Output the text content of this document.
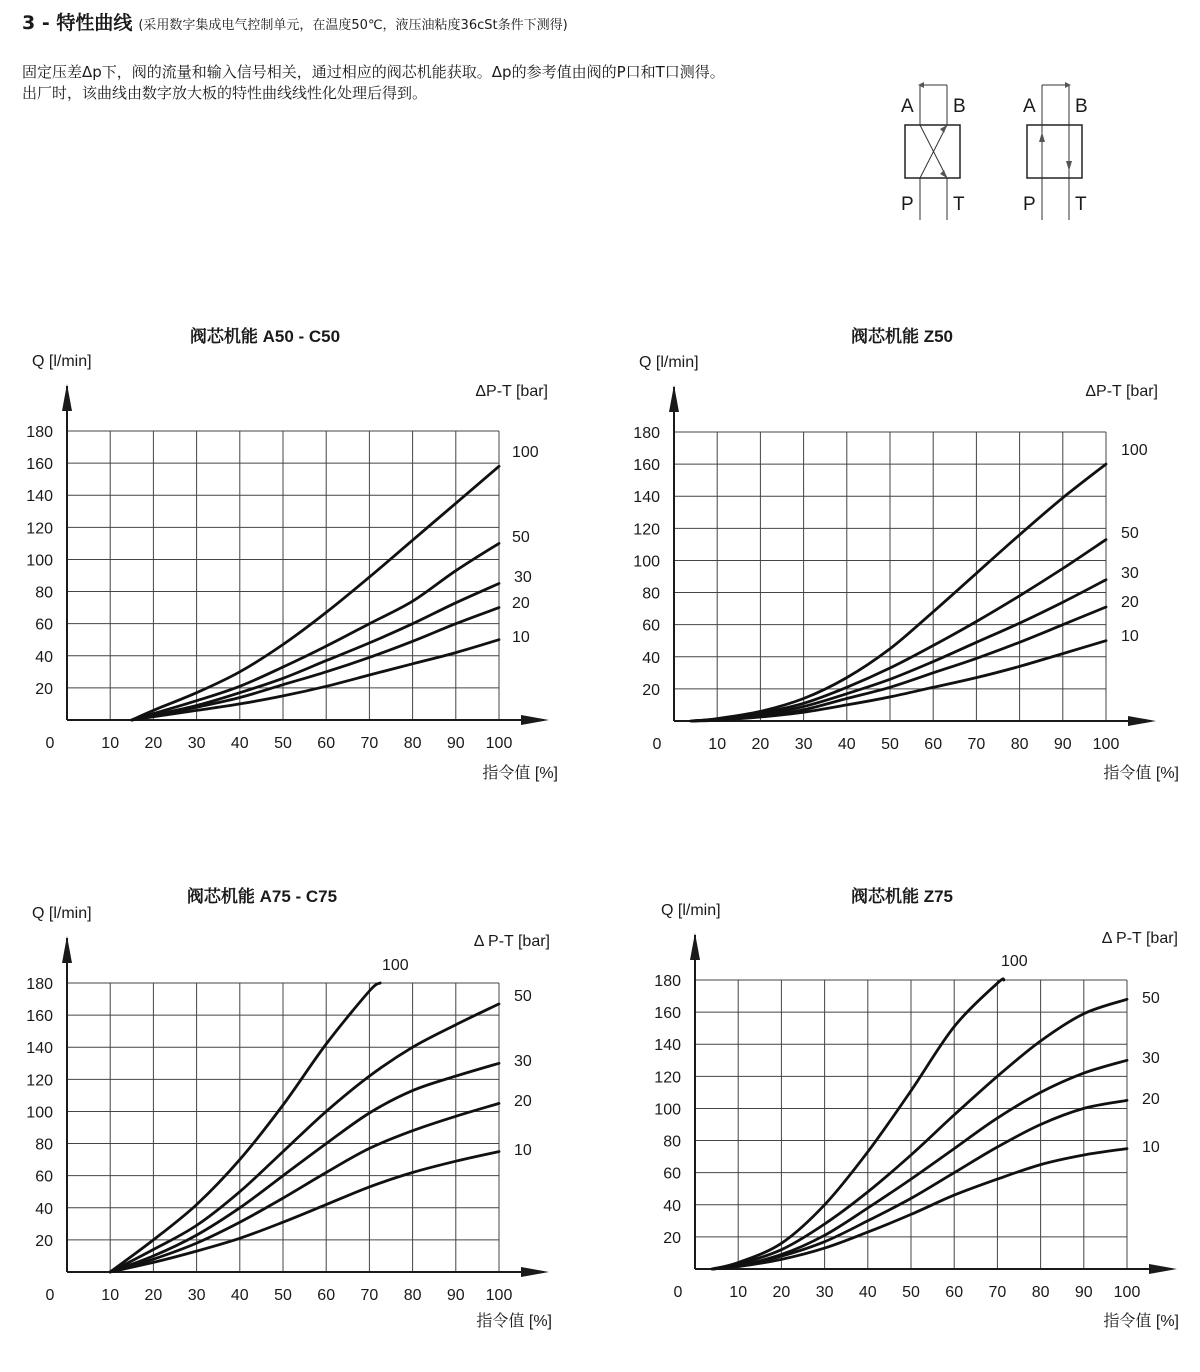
3 - 特性曲线 (采用数字集成电气控制单元，在温度50℃，液压油粘度36cSt条件下测得)

固定压差Δp下，阀的流量和输入信号相关，通过相应的阀芯机能获取。Δp的参考值由阀的P口和T口测得。

出厂时，该曲线由数字放大板的特性曲线线性化处理后得到。

A B
P T
A B
P T
20
40
60
80
100
120
140
160
180
0	10 20 30 40 50 60 70 80 90 100
阀芯机能 A50 - C50
Q [l/min]
ΔP-T [bar]
指令值 [%]
100
50
30
20
10
20
40
60
80
100
120
140
160
180
0	10 20 30 40 50 60 70 80 90 100
阀芯机能 Z50
Q [l/min]
ΔP-T [bar]
指令值 [%]
100
50
30
20
10
20
40
60
80
100
120
140
160
180
0	10 20 30 40 50 60 70 80 90 100
阀芯机能 A75 - C75
Q [l/min]
Δ P-T [bar]
指令值 [%]
100
50
30
20
10
20
40
60
80
100
120
140
160
180
0	10 20 30 40 50 60 70 80 90 100
阀芯机能 Z75
Q [l/min]
Δ P-T [bar]
指令值 [%]
100
50
30
20
10
